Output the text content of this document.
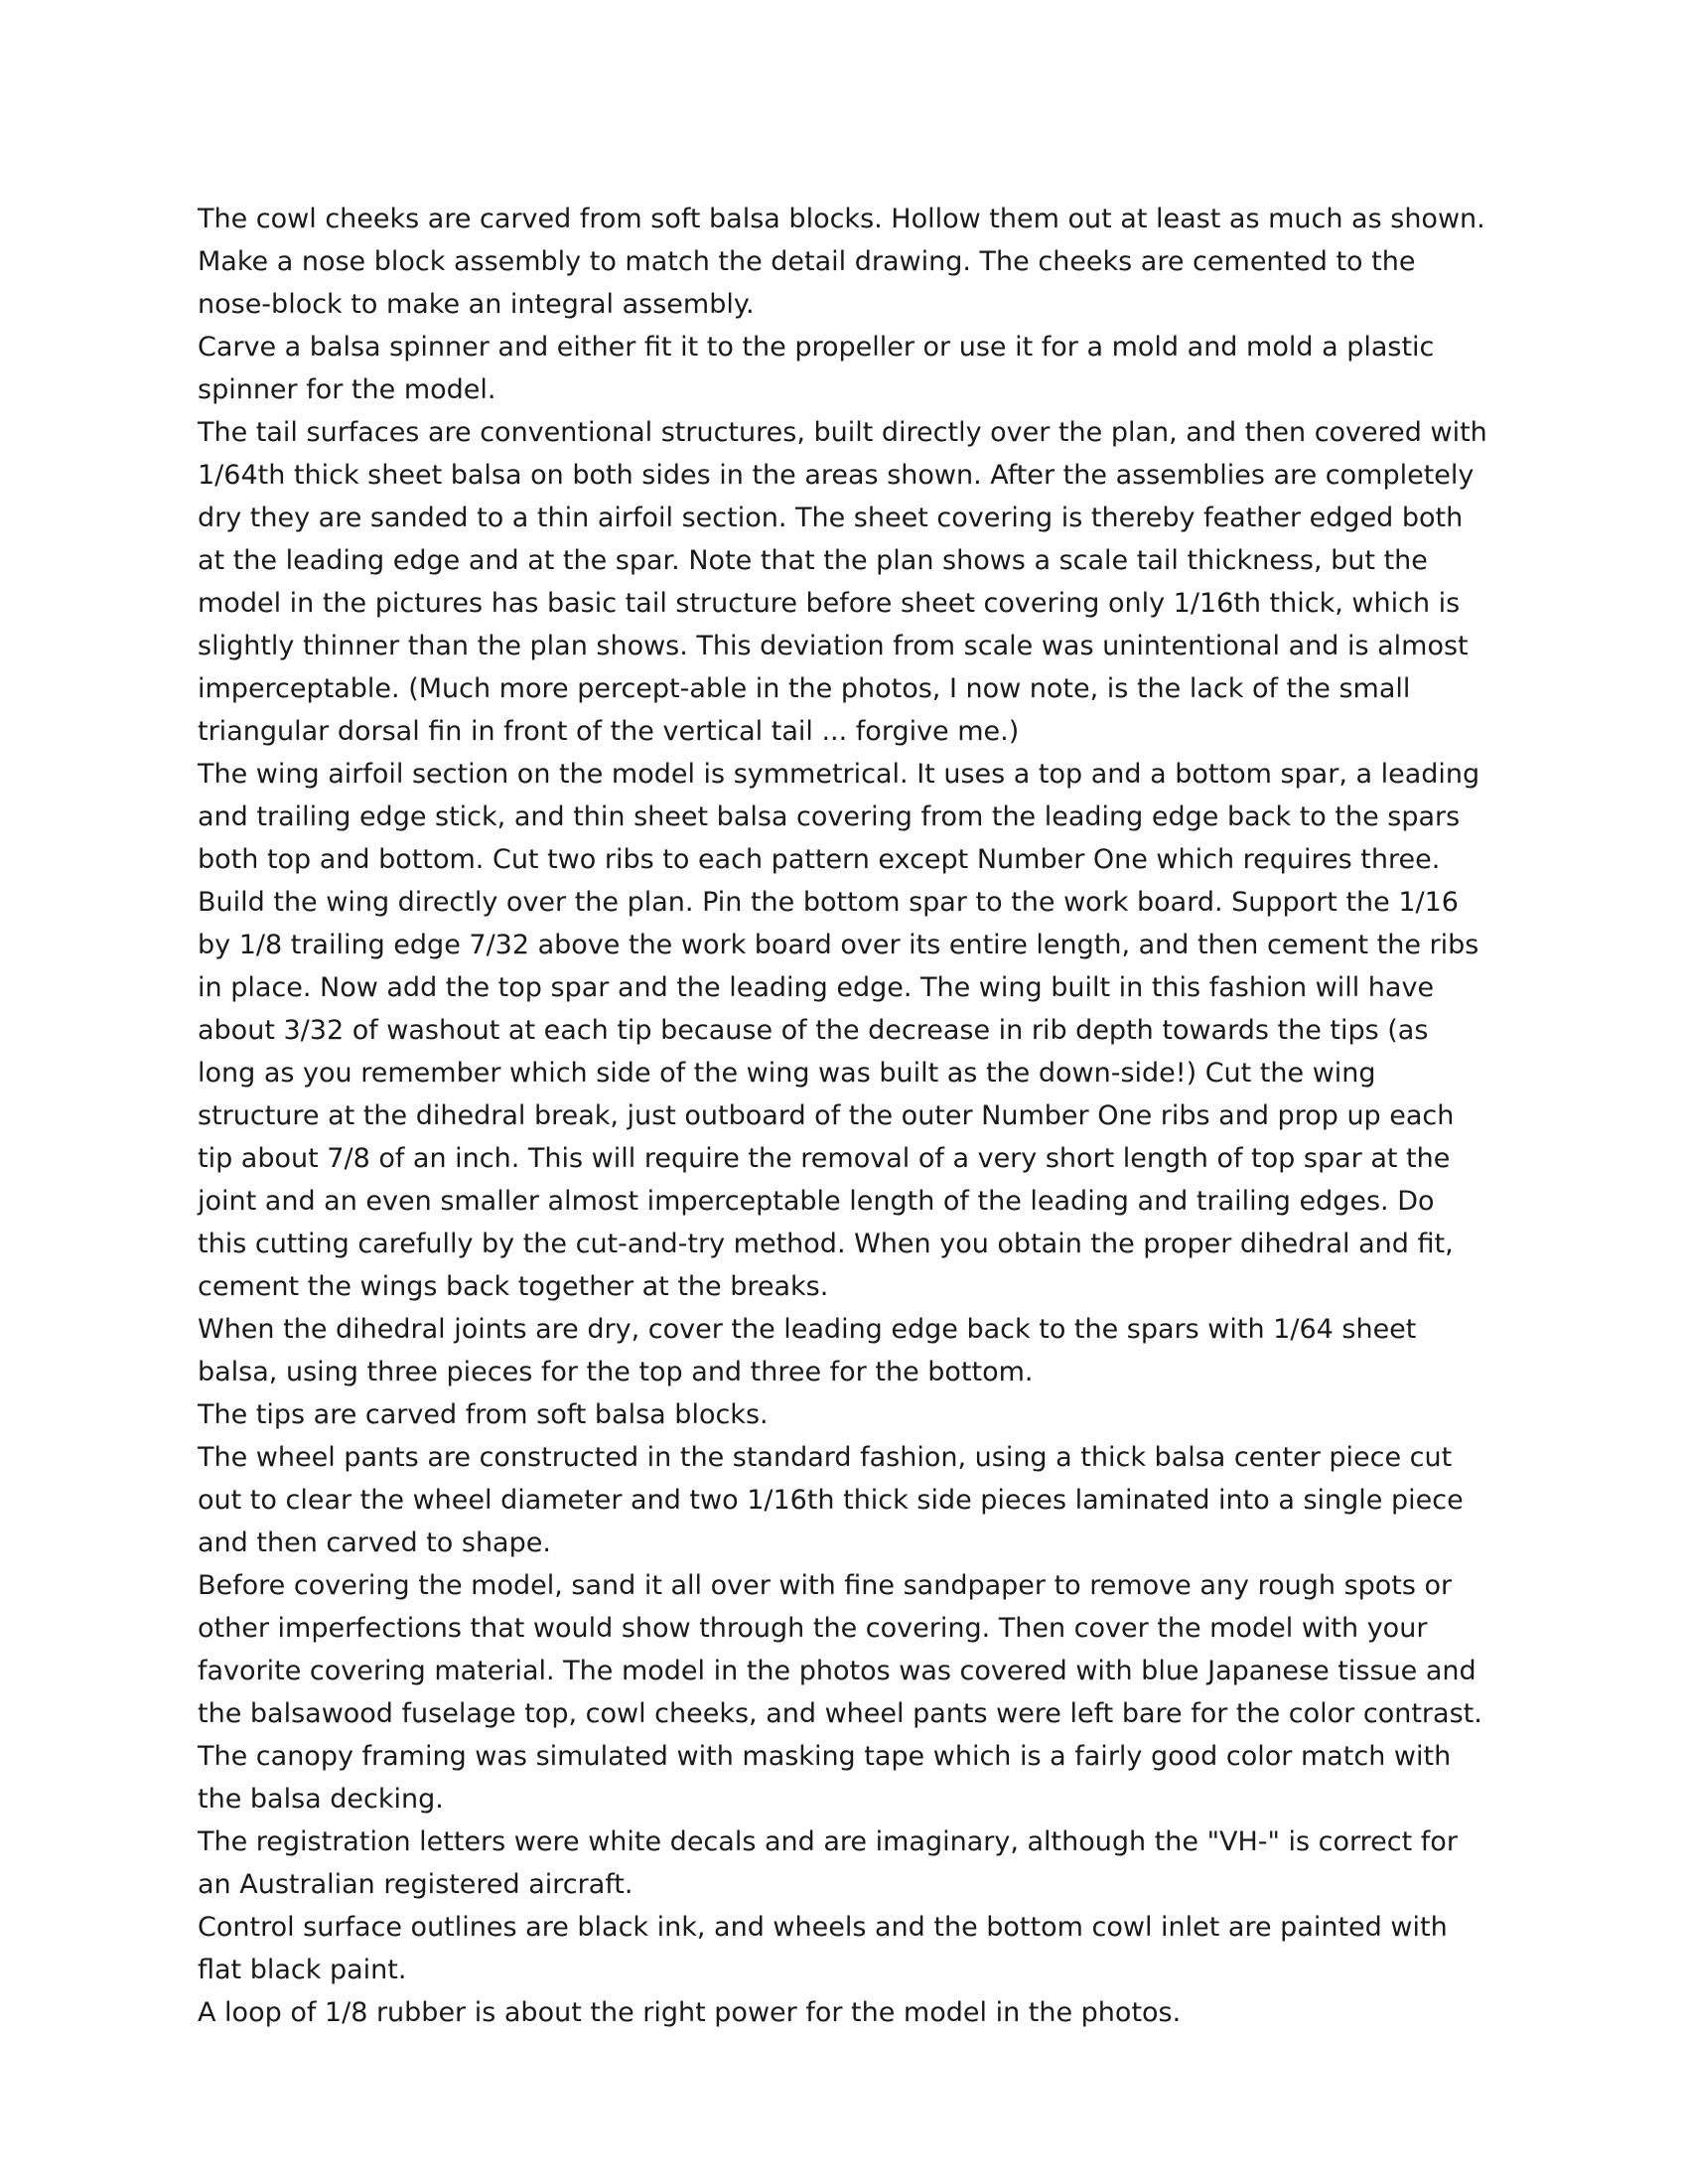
The cowl cheeks are carved from soft balsa blocks. Hollow them out at least as much as shown. Make a nose block assembly to match the detail drawing. The cheeks are cemented to the nose-block to make an integral assembly.

Carve a balsa spinner and either fit it to the propeller or use it for a mold and mold a plastic spinner for the model.

The tail surfaces are conventional structures, built directly over the plan, and then covered with 1/64th thick sheet balsa on both sides in the areas shown. After the assemblies are completely dry they are sanded to a thin airfoil section. The sheet covering is thereby feather edged both at the leading edge and at the spar. Note that the plan shows a scale tail thickness, but the model in the pictures has basic tail structure before sheet covering only 1/16th thick, which is slightly thinner than the plan shows. This deviation from scale was unintentional and is almost imperceptable. (Much more percept-able in the photos, I now note, is the lack of the small triangular dorsal fin in front of the vertical tail ... forgive me.)

The wing airfoil section on the model is symmetrical. It uses a top and a bottom spar, a leading and trailing edge stick, and thin sheet balsa covering from the leading edge back to the spars both top and bottom. Cut two ribs to each pattern except Number One which requires three.

Build the wing directly over the plan. Pin the bottom spar to the work board. Support the 1/16 by 1/8 trailing edge 7/32 above the work board over its entire length, and then cement the ribs in place. Now add the top spar and the leading edge. The wing built in this fashion will have about 3/32 of washout at each tip because of the decrease in rib depth towards the tips (as long as you remember which side of the wing was built as the down-side!) Cut the wing structure at the dihedral break, just outboard of the outer Number One ribs and prop up each tip about 7/8 of an inch. This will require the removal of a very short length of top spar at the joint and an even smaller almost imperceptable length of the leading and trailing edges. Do this cutting carefully by the cut-and-try method. When you obtain the proper dihedral and fit, cement the wings back together at the breaks.

When the dihedral joints are dry, cover the leading edge back to the spars with 1/64 sheet balsa, using three pieces for the top and three for the bottom.

The tips are carved from soft balsa blocks.

The wheel pants are constructed in the standard fashion, using a thick balsa center piece cut out to clear the wheel diameter and two 1/16th thick side pieces laminated into a single piece and then carved to shape.

Before covering the model, sand it all over with fine sandpaper to remove any rough spots or other imperfections that would show through the covering. Then cover the model with your favorite covering material. The model in the photos was covered with blue Japanese tissue and the balsawood fuselage top, cowl cheeks, and wheel pants were left bare for the color contrast. The canopy framing was simulated with masking tape which is a fairly good color match with the balsa decking.

The registration letters were white decals and are imaginary, although the "VH-" is correct for an Australian registered aircraft.

Control surface outlines are black ink, and wheels and the bottom cowl inlet are painted with flat black paint.

A loop of 1/8 rubber is about the right power for the model in the photos.
